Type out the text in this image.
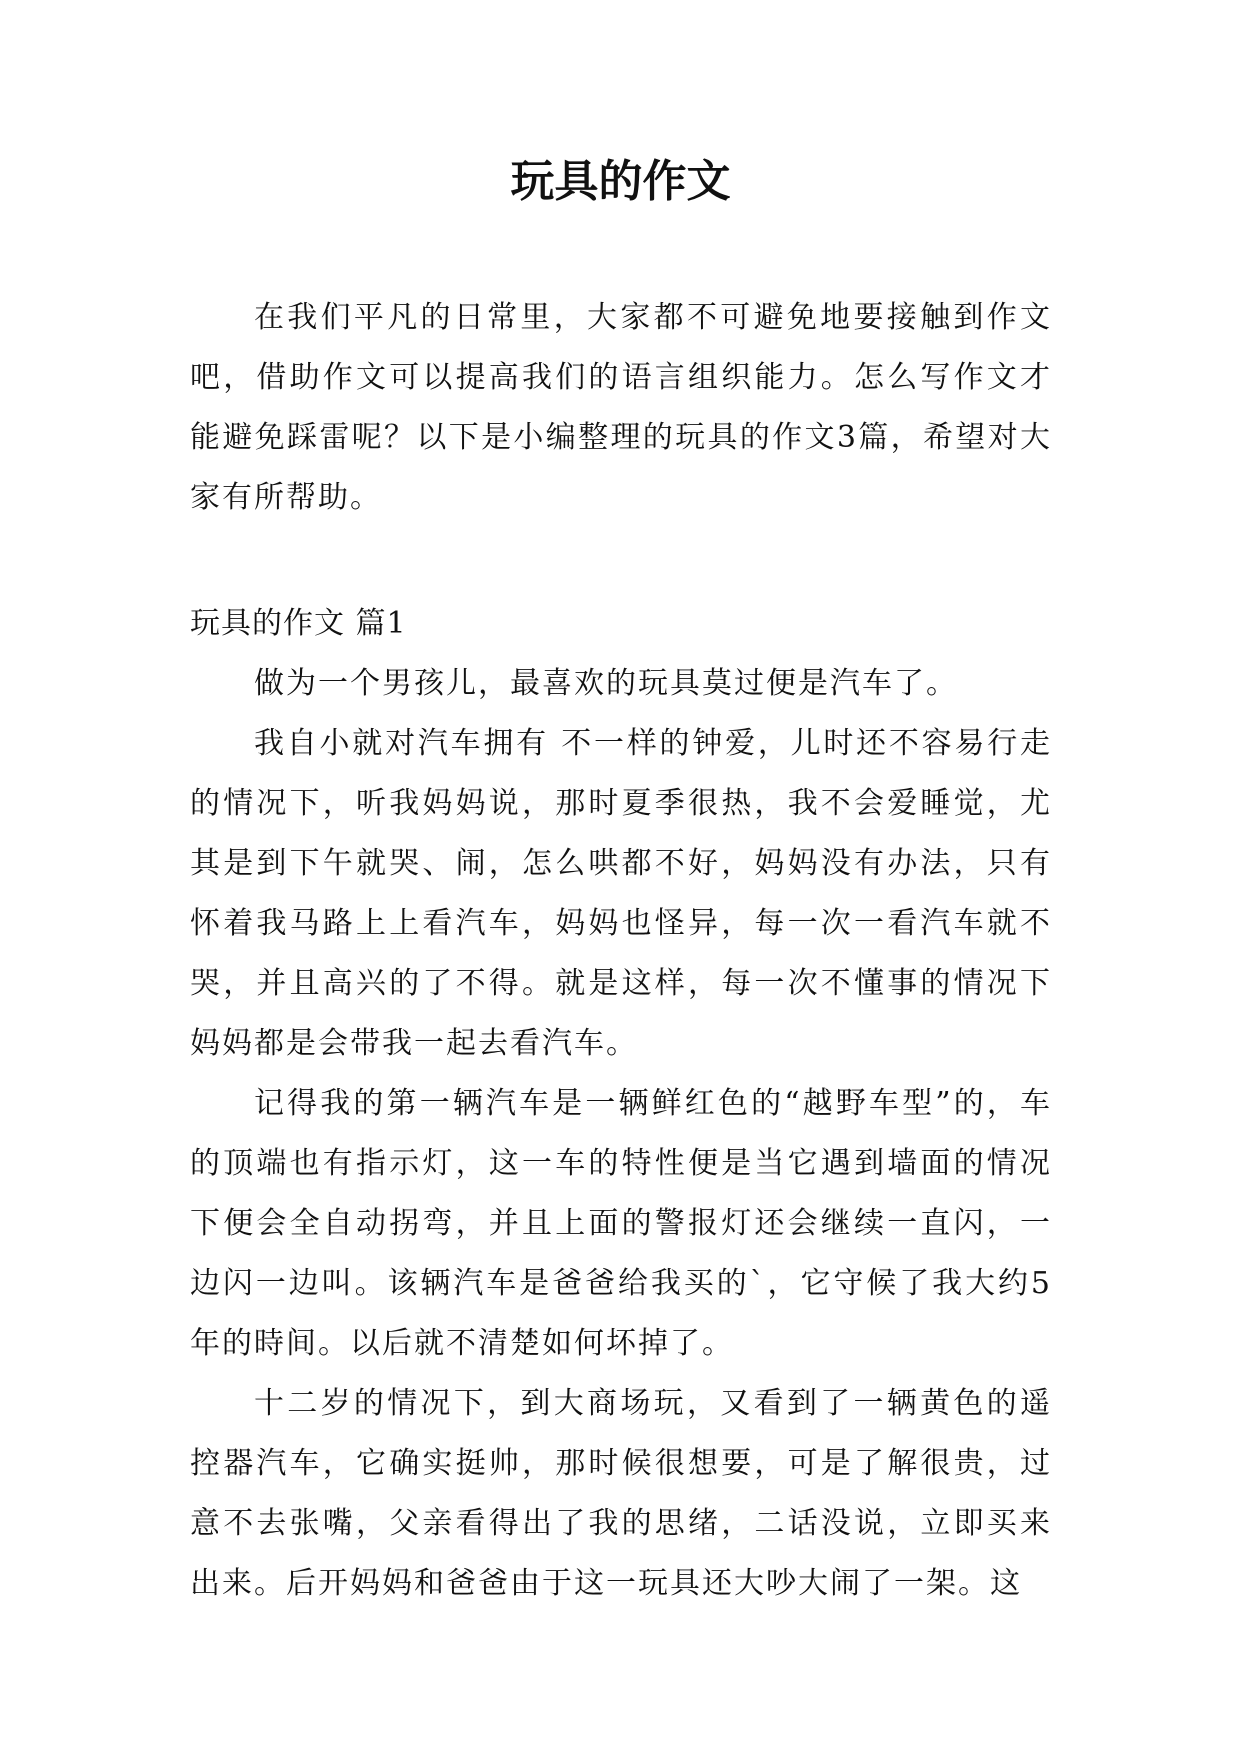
玩具的作文

在我们平凡的日常里，大家都不可避免地要接触到作文吧，借助作文可以提高我们的语言组织能力。怎么写作文才能避免踩雷呢？以下是小编整理的玩具的作文3篇，希望对大家有所帮助。

玩具的作文 篇1

做为一个男孩儿，最喜欢的玩具莫过便是汽车了。

我自小就对汽车拥有 不一样的钟爱，儿时还不容易行走的情况下，听我妈妈说，那时夏季很热，我不会爱睡觉，尤其是到下午就哭、闹，怎么哄都不好，妈妈没有办法，只有怀着我马路上上看汽车，妈妈也怪异，每一次一看汽车就不哭，并且高兴的了不得。就是这样，每一次不懂事的情况下妈妈都是会带我一起去看汽车。

记得我的第一辆汽车是一辆鲜红色的“越野车型”的，车的顶端也有指示灯，这一车的特性便是当它遇到墙面的情况下便会全自动拐弯，并且上面的警报灯还会继续一直闪，一边闪一边叫。该辆汽车是爸爸给我买的`，它守候了我大约5年的時间。以后就不清楚如何坏掉了。

十二岁的情况下，到大商场玩，又看到了一辆黄色的遥控器汽车，它确实挺帅，那时候很想要，可是了解很贵，过意不去张嘴，父亲看得出了我的思绪，二话没说，立即买来出来。后开妈妈和爸爸由于这一玩具还大吵大闹了一架。这
